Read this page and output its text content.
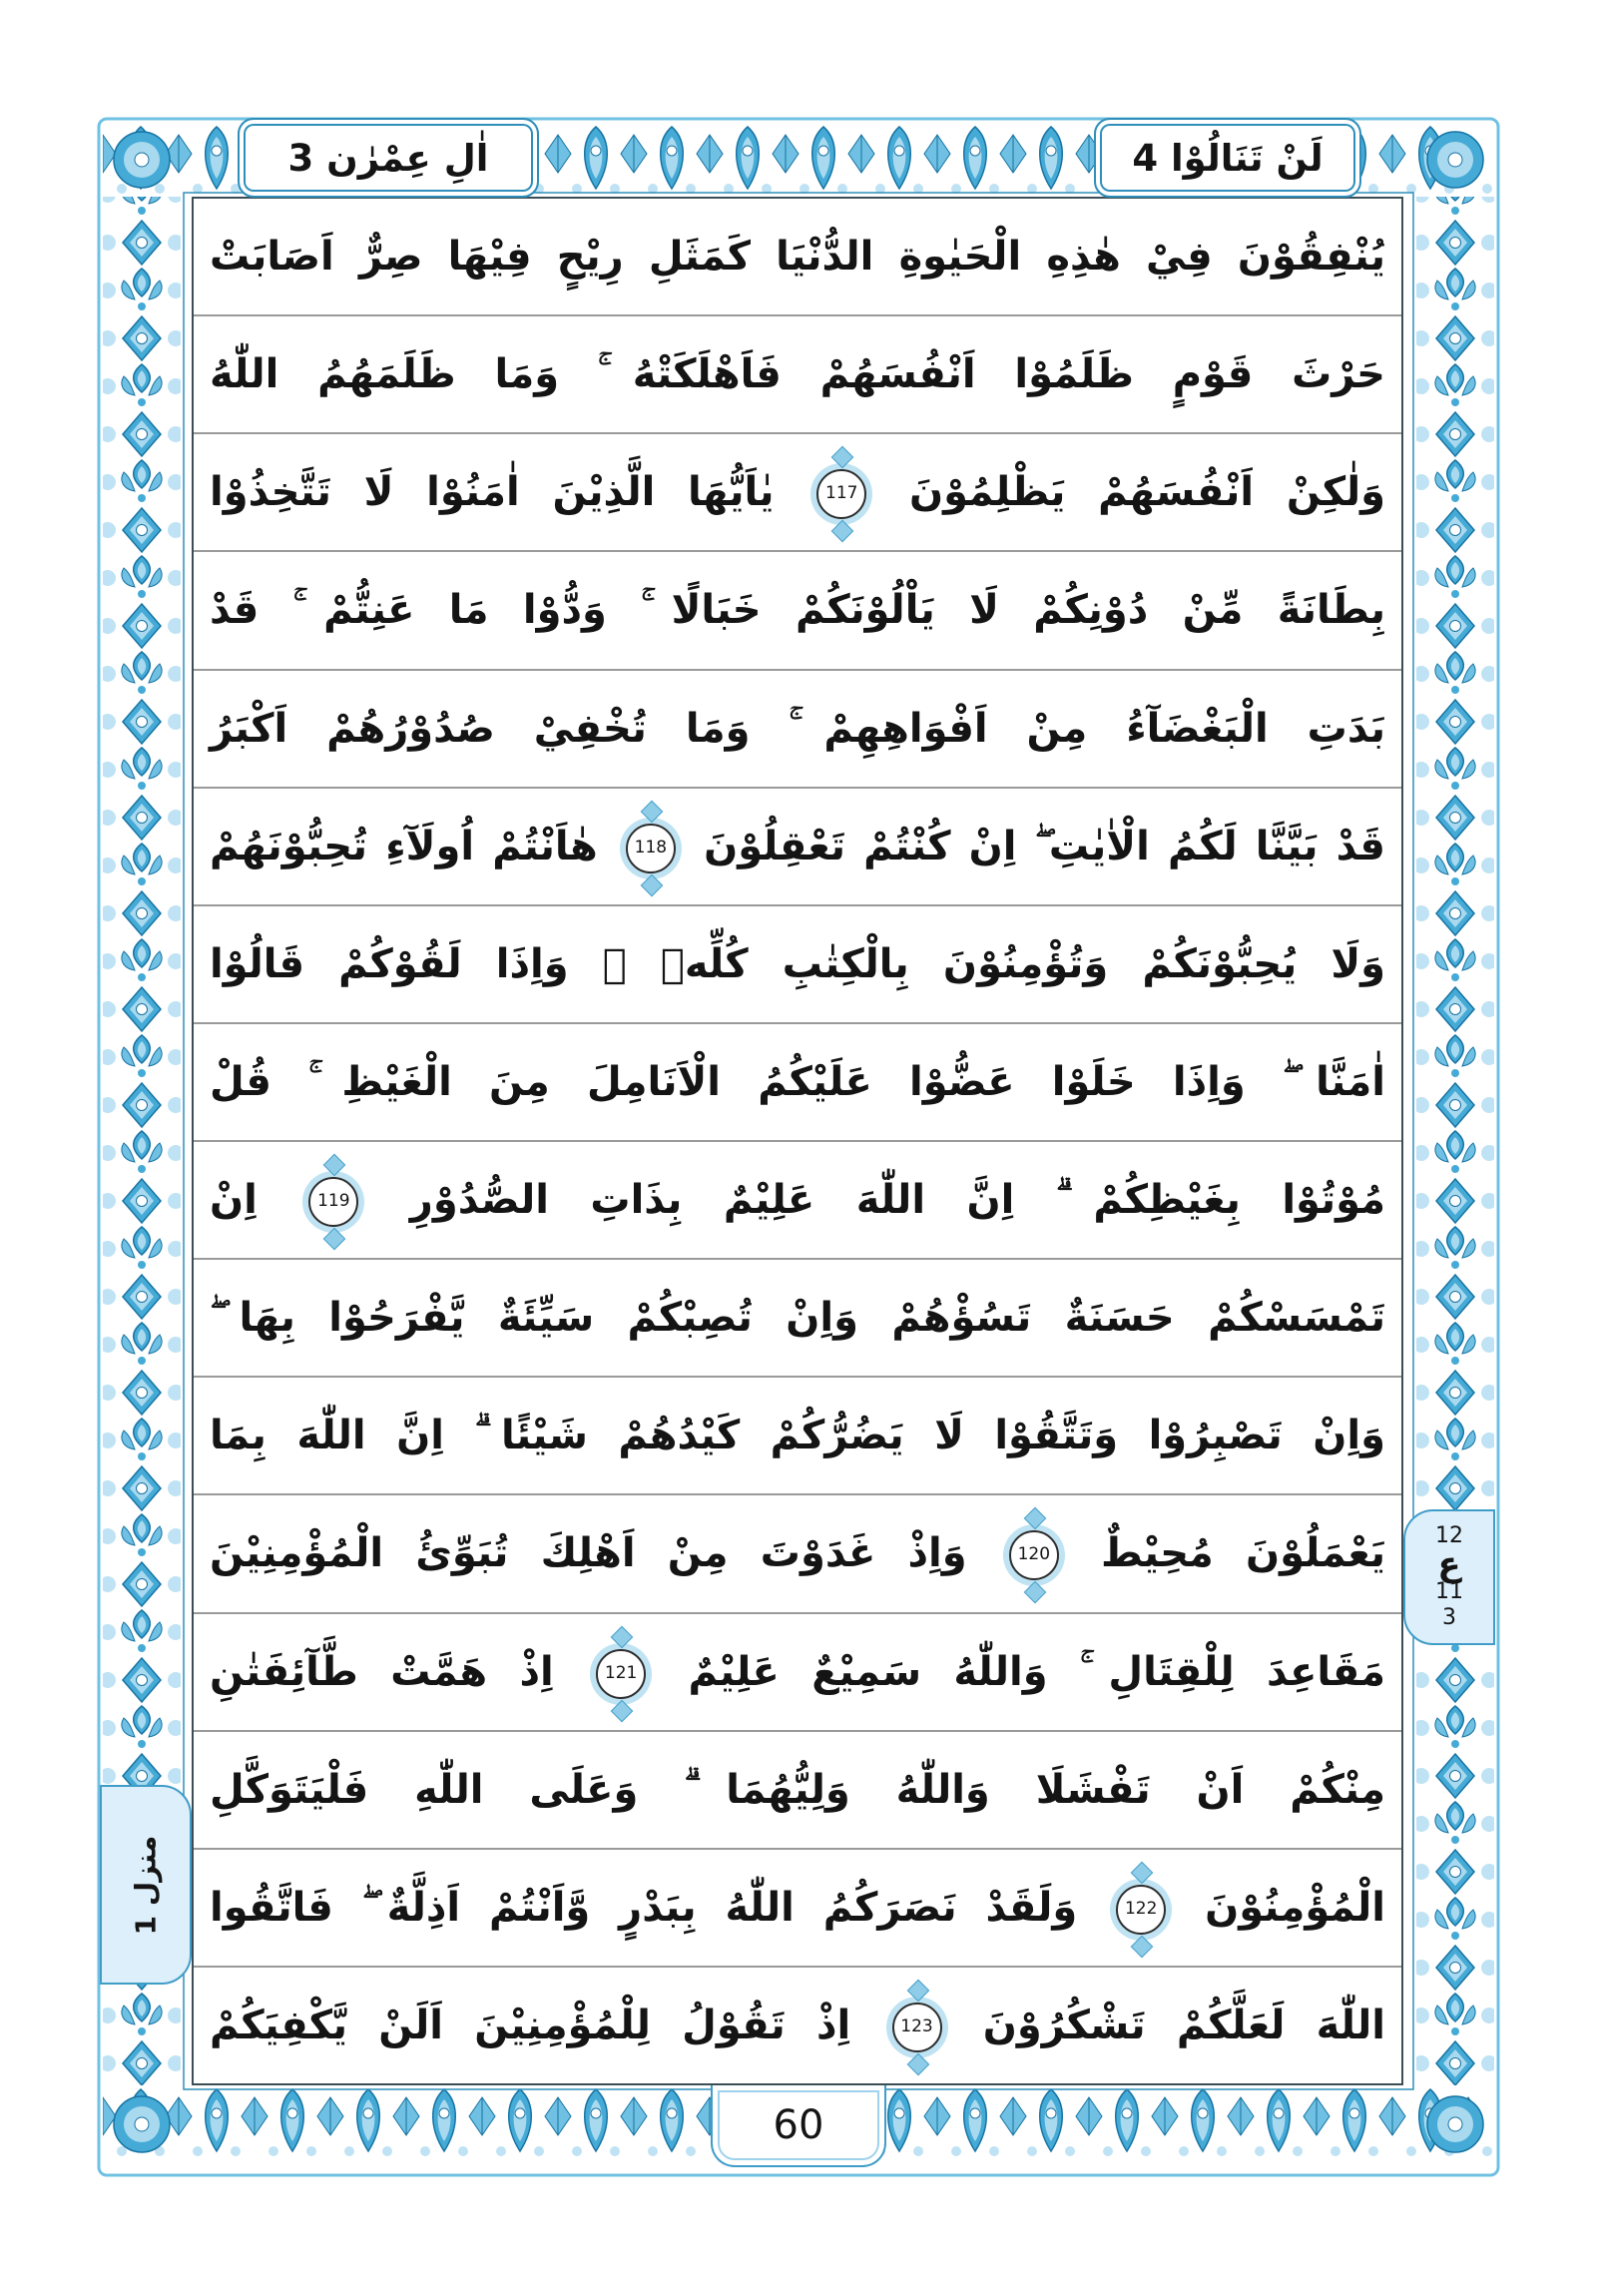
اٰلِ عِمْرٰن 3	لَنْ تَنَالُوْا 4
يُنْفِقُوْنَ فِيْ هٰذِهِ الْحَيٰوةِ الدُّنْيَا كَمَثَلِ رِيْحٍ فِيْهَا صِرٌّ اَصَابَتْ
حَرْثَ قَوْمٍ ظَلَمُوْا اَنْفُسَهُمْ فَاَهْلَكَتْهُ ۚ وَمَا ظَلَمَهُمُ اللّٰهُ
وَلٰكِنْ اَنْفُسَهُمْ يَظْلِمُوْنَ
117
يٰاَيُّهَا الَّذِيْنَ اٰمَنُوْا لَا تَتَّخِذُوْا
بِطَانَةً مِّنْ دُوْنِكُمْ لَا يَاْلُوْنَكُمْ خَبَالًا ۚ وَدُّوْا مَا عَنِتُّمْ ۚ قَدْ
بَدَتِ الْبَغْضَآءُ مِنْ اَفْوَاهِهِمْ ۚ وَمَا تُخْفِيْ صُدُوْرُهُمْ اَكْبَرُ
قَدْ بَيَّنَّا لَكُمُ الْاٰيٰتِ ۖ اِنْ كُنْتُمْ تَعْقِلُوْنَ
118
هٰاَنْتُمْ اُولَآءِ تُحِبُّوْنَهُمْ
وَلَا يُحِبُّوْنَكُمْ وَتُؤْمِنُوْنَ بِالْكِتٰبِ كُلِّهٖ ۚ وَاِذَا لَقُوْكُمْ قَالُوْا
اٰمَنَّا ۖ وَاِذَا خَلَوْا عَضُّوْا عَلَيْكُمُ الْاَنَامِلَ مِنَ الْغَيْظِ ۚ قُلْ
مُوْتُوْا بِغَيْظِكُمْ ۗ اِنَّ اللّٰهَ عَلِيْمٌ بِذَاتِ الصُّدُوْرِ
119
اِنْ
تَمْسَسْكُمْ حَسَنَةٌ تَسُؤْهُمْ وَاِنْ تُصِبْكُمْ سَيِّئَةٌ يَّفْرَحُوْا بِهَا ۖ
وَاِنْ تَصْبِرُوْا وَتَتَّقُوْا لَا يَضُرُّكُمْ كَيْدُهُمْ شَيْئًا ۗ اِنَّ اللّٰهَ بِمَا
يَعْمَلُوْنَ مُحِيْطٌ
120
وَاِذْ غَدَوْتَ مِنْ اَهْلِكَ تُبَوِّئُ الْمُؤْمِنِيْنَ
مَقَاعِدَ لِلْقِتَالِ ۚ وَاللّٰهُ سَمِيْعٌ عَلِيْمٌ
121
اِذْ هَمَّتْ طَّآئِفَتٰنِ
مِنْكُمْ اَنْ تَفْشَلَا وَاللّٰهُ وَلِيُّهُمَا ۗ وَعَلَى اللّٰهِ فَلْيَتَوَكَّلِ
الْمُؤْمِنُوْنَ
122
وَلَقَدْ نَصَرَكُمُ اللّٰهُ بِبَدْرٍ وَّاَنْتُمْ اَذِلَّةٌ ۖ فَاتَّقُوا
اللّٰهَ لَعَلَّكُمْ تَشْكُرُوْنَ
123
اِذْ تَقُوْلُ لِلْمُؤْمِنِيْنَ اَلَنْ يَّكْفِيَكُمْ
12
ع
11
3
منزل 1
60
